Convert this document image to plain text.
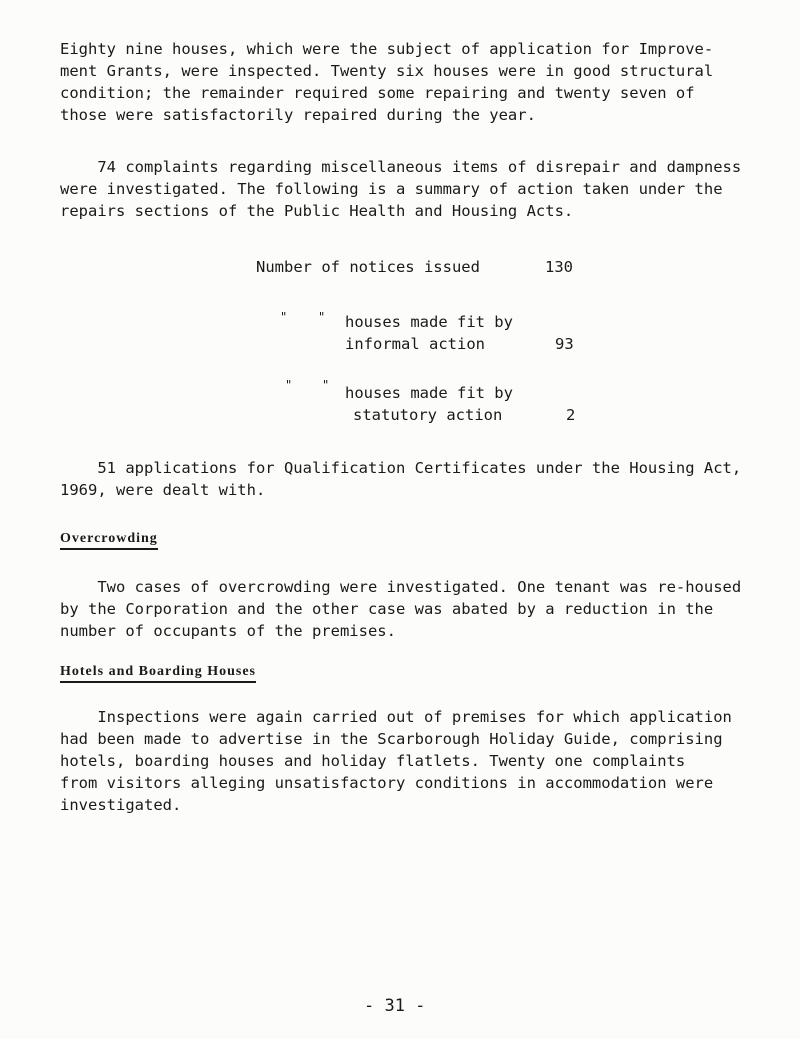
Eighty nine houses, which were the subject of application for Improve-
ment Grants, were inspected. Twenty six houses were in good structural
condition; the remainder required some repairing and twenty seven of
those were satisfactorily repaired during the year.
74 complaints regarding miscellaneous items of disrepair and dampness
were investigated. The following is a summary of action taken under the
repairs sections of the Public Health and Housing Acts.
Number of notices issued	130
"	" houses made fit by
informal action	93
" " houses made fit by
statutory action	2
51 applications for Qualification Certificates under the Housing Act,
1969, were dealt with.
Overcrowding
Two cases of overcrowding were investigated. One tenant was re-housed
by the Corporation and the other case was abated by a reduction in the
number of occupants of the premises.
Hotels and Boarding Houses
Inspections were again carried out of premises for which application
had been made to advertise in the Scarborough Holiday Guide, comprising
hotels, boarding houses and holiday flatlets. Twenty one complaints
from visitors alleging unsatisfactory conditions in accommodation were
investigated.
- 31 -
